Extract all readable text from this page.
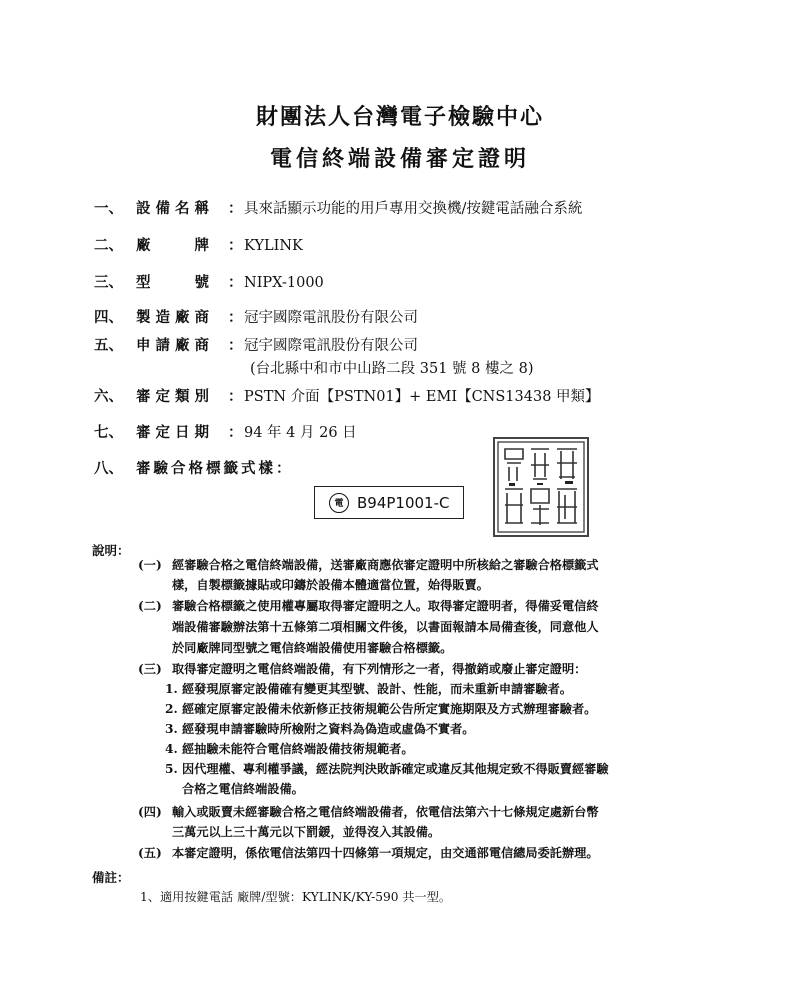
財團法人台灣電子檢驗中心
電信終端設備審定證明
一、 設備名稱 ： 具來話顯示功能的用戶專用交換機/按鍵電話融合系統
二、 廠　　牌 ： KYLINK
三、 型　　號 ： NIPX-1000
四、 製造廠商 ： 冠宇國際電訊股份有限公司
五、 申請廠商 ： 冠宇國際電訊股份有限公司
(台北縣中和市中山路二段 351 號 8 樓之 8)
六、 審定類別 ： PSTN 介面【PSTN01】+ EMI【CNS13438 甲類】
七、 審定日期 ： 94 年 4 月 26 日
八、 審驗合格標籤式樣：
電 B94P1001-C
說明：
(一) 經審驗合格之電信終端設備，送審廠商應依審定證明中所核給之審驗合格標籤式
樣，自製標籤據貼或印鑄於設備本體適當位置，始得販賣。
(二) 審驗合格標籤之使用權專屬取得審定證明之人。取得審定證明者，得備妥電信終
端設備審驗辦法第十五條第二項相關文件後，以書面報請本局備查後，同意他人
於同廠牌同型號之電信終端設備使用審驗合格標籤。
(三) 取得審定證明之電信終端設備，有下列情形之一者，得撤銷或廢止審定證明：
1. 經發現原審定設備確有變更其型號、設計、性能，而未重新申請審驗者。
2. 經確定原審定設備未依新修正技術規範公告所定實施期限及方式辦理審驗者。
3. 經發現申請審驗時所檢附之資料為偽造或虛偽不實者。
4. 經抽驗未能符合電信終端設備技術規範者。
5. 因代理權、專利權爭議，經法院判決敗訴確定或違反其他規定致不得販賣經審驗
合格之電信終端設備。
(四) 輸入或販賣未經審驗合格之電信終端設備者，依電信法第六十七條規定處新台幣
三萬元以上三十萬元以下罰鍰，並得沒入其設備。
(五) 本審定證明，係依電信法第四十四條第一項規定，由交通部電信總局委託辦理。
備註：
1、適用按鍵電話 廠牌/型號：KYLINK/KY-590 共一型。
